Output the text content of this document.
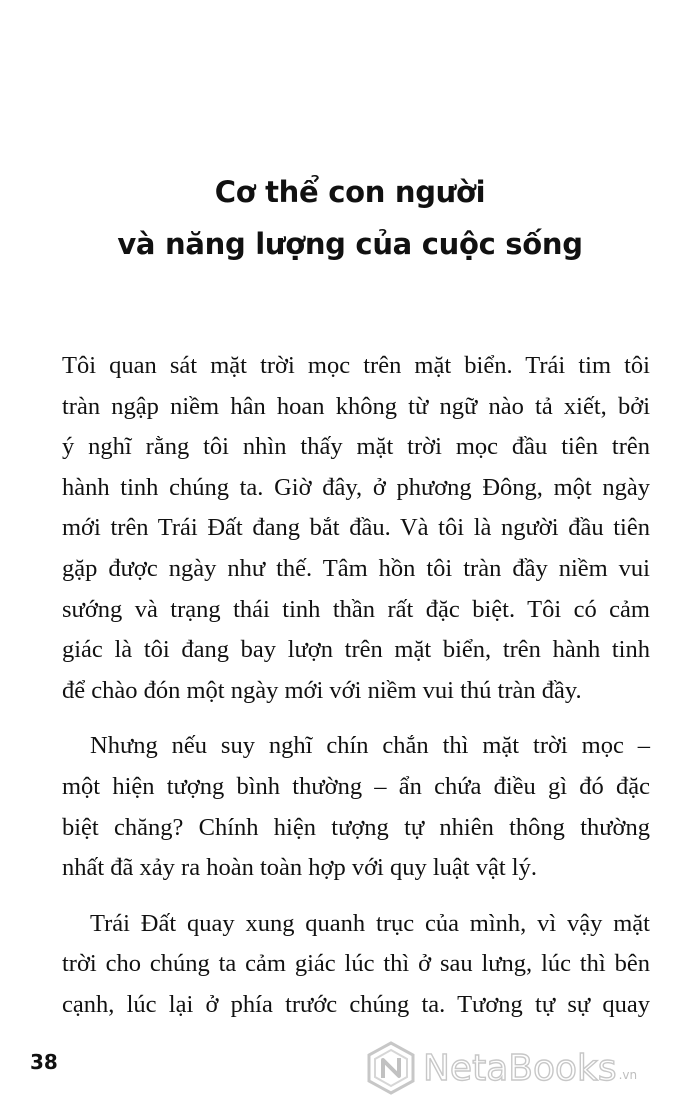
Cơ thể con người
và năng lượng của cuộc sống
Tôi quan sát mặt trời mọc trên mặt biển. Trái tim tôi
tràn ngập niềm hân hoan không từ ngữ nào tả xiết, bởi
ý nghĩ rằng tôi nhìn thấy mặt trời mọc đầu tiên trên
hành tinh chúng ta. Giờ đây, ở phương Đông, một ngày
mới trên Trái Đất đang bắt đầu. Và tôi là người đầu tiên
gặp được ngày như thế. Tâm hồn tôi tràn đầy niềm vui
sướng và trạng thái tinh thần rất đặc biệt. Tôi có cảm
giác là tôi đang bay lượn trên mặt biển, trên hành tinh
để chào đón một ngày mới với niềm vui thú tràn đầy.
Nhưng nếu suy nghĩ chín chắn thì mặt trời mọc –
một hiện tượng bình thường – ẩn chứa điều gì đó đặc
biệt chăng? Chính hiện tượng tự nhiên thông thường
nhất đã xảy ra hoàn toàn hợp với quy luật vật lý.
Trái Đất quay xung quanh trục của mình, vì vậy mặt
trời cho chúng ta cảm giác lúc thì ở sau lưng, lúc thì bên
cạnh, lúc lại ở phía trước chúng ta. Tương tự sự quay
38	NetaBooks .vn
